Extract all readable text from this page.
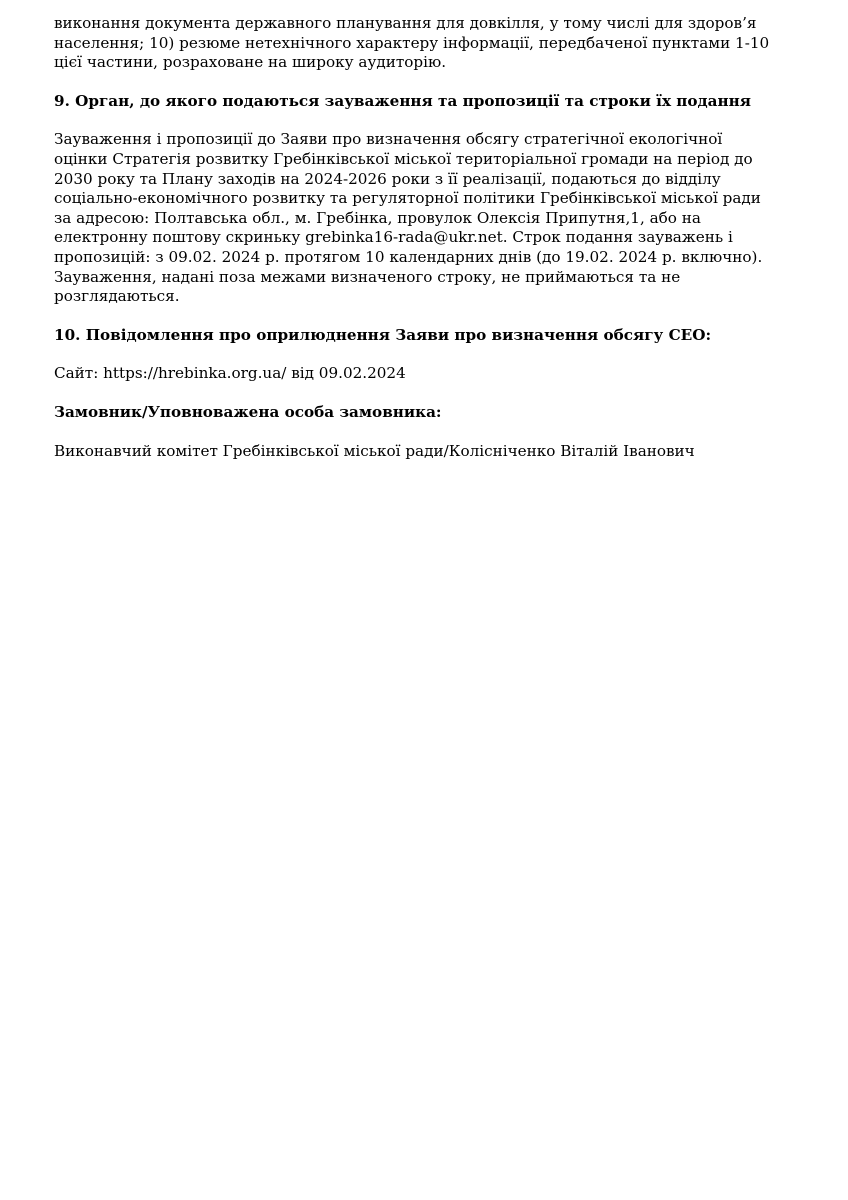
виконання документа державного планування для довкілля, у тому числі для здоров’я
населення; 10) резюме нетехнічного характеру інформації, передбаченої пунктами 1-10
цієї частини, розраховане на широку аудиторію.
9. Орган, до якого подаються зауваження та пропозиції та строки їх подання
Зауваження і пропозиції до Заяви про визначення обсягу стратегічної екологічної
оцінки Стратегія розвитку Гребінківської міської територіальної громади на період до
2030 року та Плану заходів на 2024-2026 роки з її реалізації, подаються до відділу
соціально-економічного розвитку та регуляторної політики Гребінківської міської ради
за адресою: Полтавська обл., м. Гребінка, провулок Олексія Припутня,1, або на
електронну поштову скриньку grebinka16-rada@ukr.net. Строк подання зауважень і
пропозицій: з 09.02. 2024 р. протягом 10 календарних днів (до 19.02. 2024 р. включно).
Зауваження, надані поза межами визначеного строку, не приймаються та не
розглядаються.
10. Повідомлення про оприлюднення Заяви про визначення обсягу СЕО:
Сайт: https://hrebinka.org.ua/ від 09.02.2024
Замовник/Уповноважена особа замовника:
Виконавчий комітет Гребінківської міської ради/Колісніченко Віталій Іванович
